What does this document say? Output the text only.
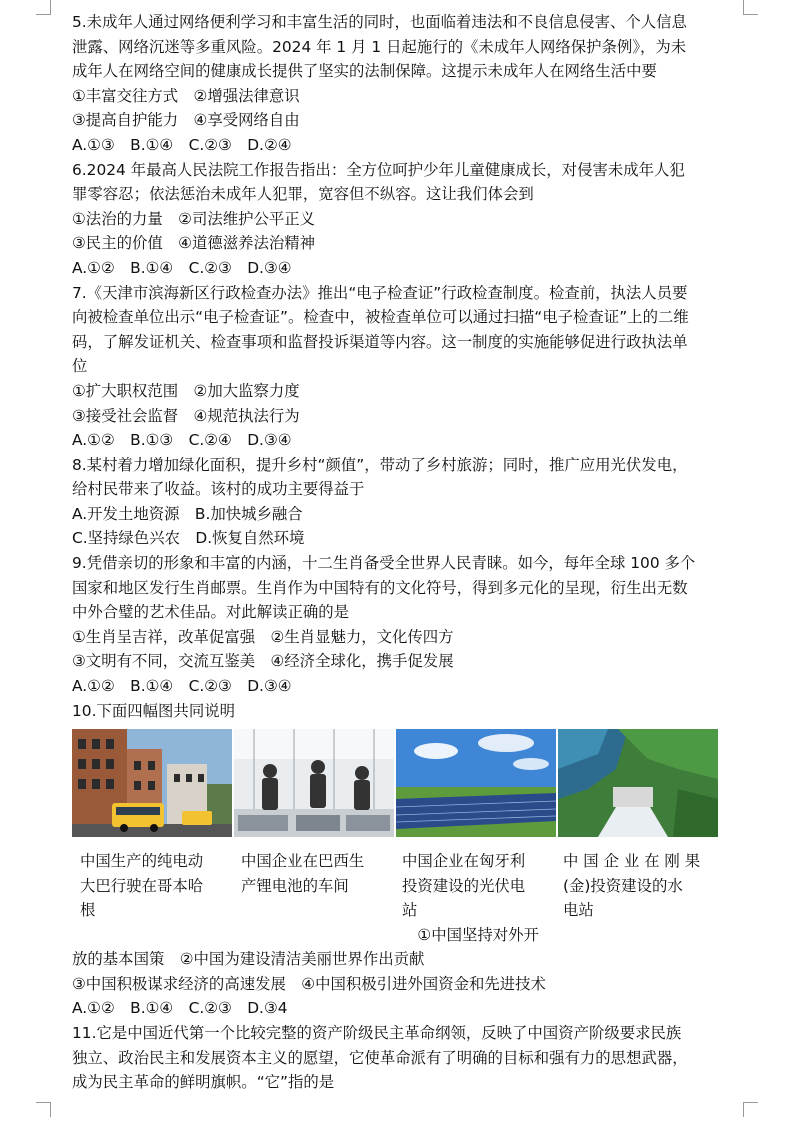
5.未成年人通过网络便利学习和丰富生活的同时，也面临着违法和不良信息侵害、个人信息

泄露、网络沉迷等多重风险。2024 年 1 月 1 日起施行的《未成年人网络保护条例》，为未

成年人在网络空间的健康成长提供了坚实的法制保障。这提示未成年人在网络生活中要

①丰富交往方式　②增强法律意识

③提高自护能力　④享受网络自由

A.①③　B.①④　C.②③　D.②④

6.2024 年最高人民法院工作报告指出：全方位呵护少年儿童健康成长，对侵害未成年人犯

罪零容忍；依法惩治未成年人犯罪，宽容但不纵容。这让我们体会到

①法治的力量　②司法维护公平正义

③民主的价值　④道德滋养法治精神

A.①②　B.①④　C.②③　D.③④

7.《天津市滨海新区行政检查办法》推出“电子检查证”行政检查制度。检查前，执法人员要

向被检查单位出示“电子检查证”。检查中，被检查单位可以通过扫描“电子检查证”上的二维

码，了解发证机关、检查事项和监督投诉渠道等内容。这一制度的实施能够促进行政执法单

位

①扩大职权范围　②加大监察力度

③接受社会监督　④规范执法行为

A.①②　B.①③　C.②④　D.③④

8.某村着力增加绿化面积，提升乡村“颜值”，带动了乡村旅游；同时，推广应用光伏发电，

给村民带来了收益。该村的成功主要得益于

A.开发土地资源　B.加快城乡融合

C.坚持绿色兴农　D.恢复自然环境

9.凭借亲切的形象和丰富的内涵，十二生肖备受全世界人民青睐。如今，每年全球 100 多个

国家和地区发行生肖邮票。生肖作为中国特有的文化符号，得到多元化的呈现，衍生出无数

中外合璧的艺术佳品。对此解读正确的是

①生肖呈吉祥，改革促富强　②生肖显魅力，文化传四方

③文明有不同，交流互鉴美　④经济全球化，携手促发展

A.①②　B.①④　C.②③　D.③④

10.下面四幅图共同说明

中国生产的纯电动
大巴行驶在哥本哈
根
中国企业在巴西生
产锂电池的车间
中国企业在匈牙利
投资建设的光伏电
站
　①中国坚持对外开
中 国 企 业 在 刚 果
(金)投资建设的水
电站

放的基本国策　②中国为建设清洁美丽世界作出贡献

③中国积极谋求经济的高速发展　④中国积极引进外国资金和先进技术

A.①②　B.①④　C.②③　D.③4

11.它是中国近代第一个比较完整的资产阶级民主革命纲领，反映了中国资产阶级要求民族

独立、政治民主和发展资本主义的愿望，它使革命派有了明确的目标和强有力的思想武器，

成为民主革命的鲜明旗帜。“它”指的是
